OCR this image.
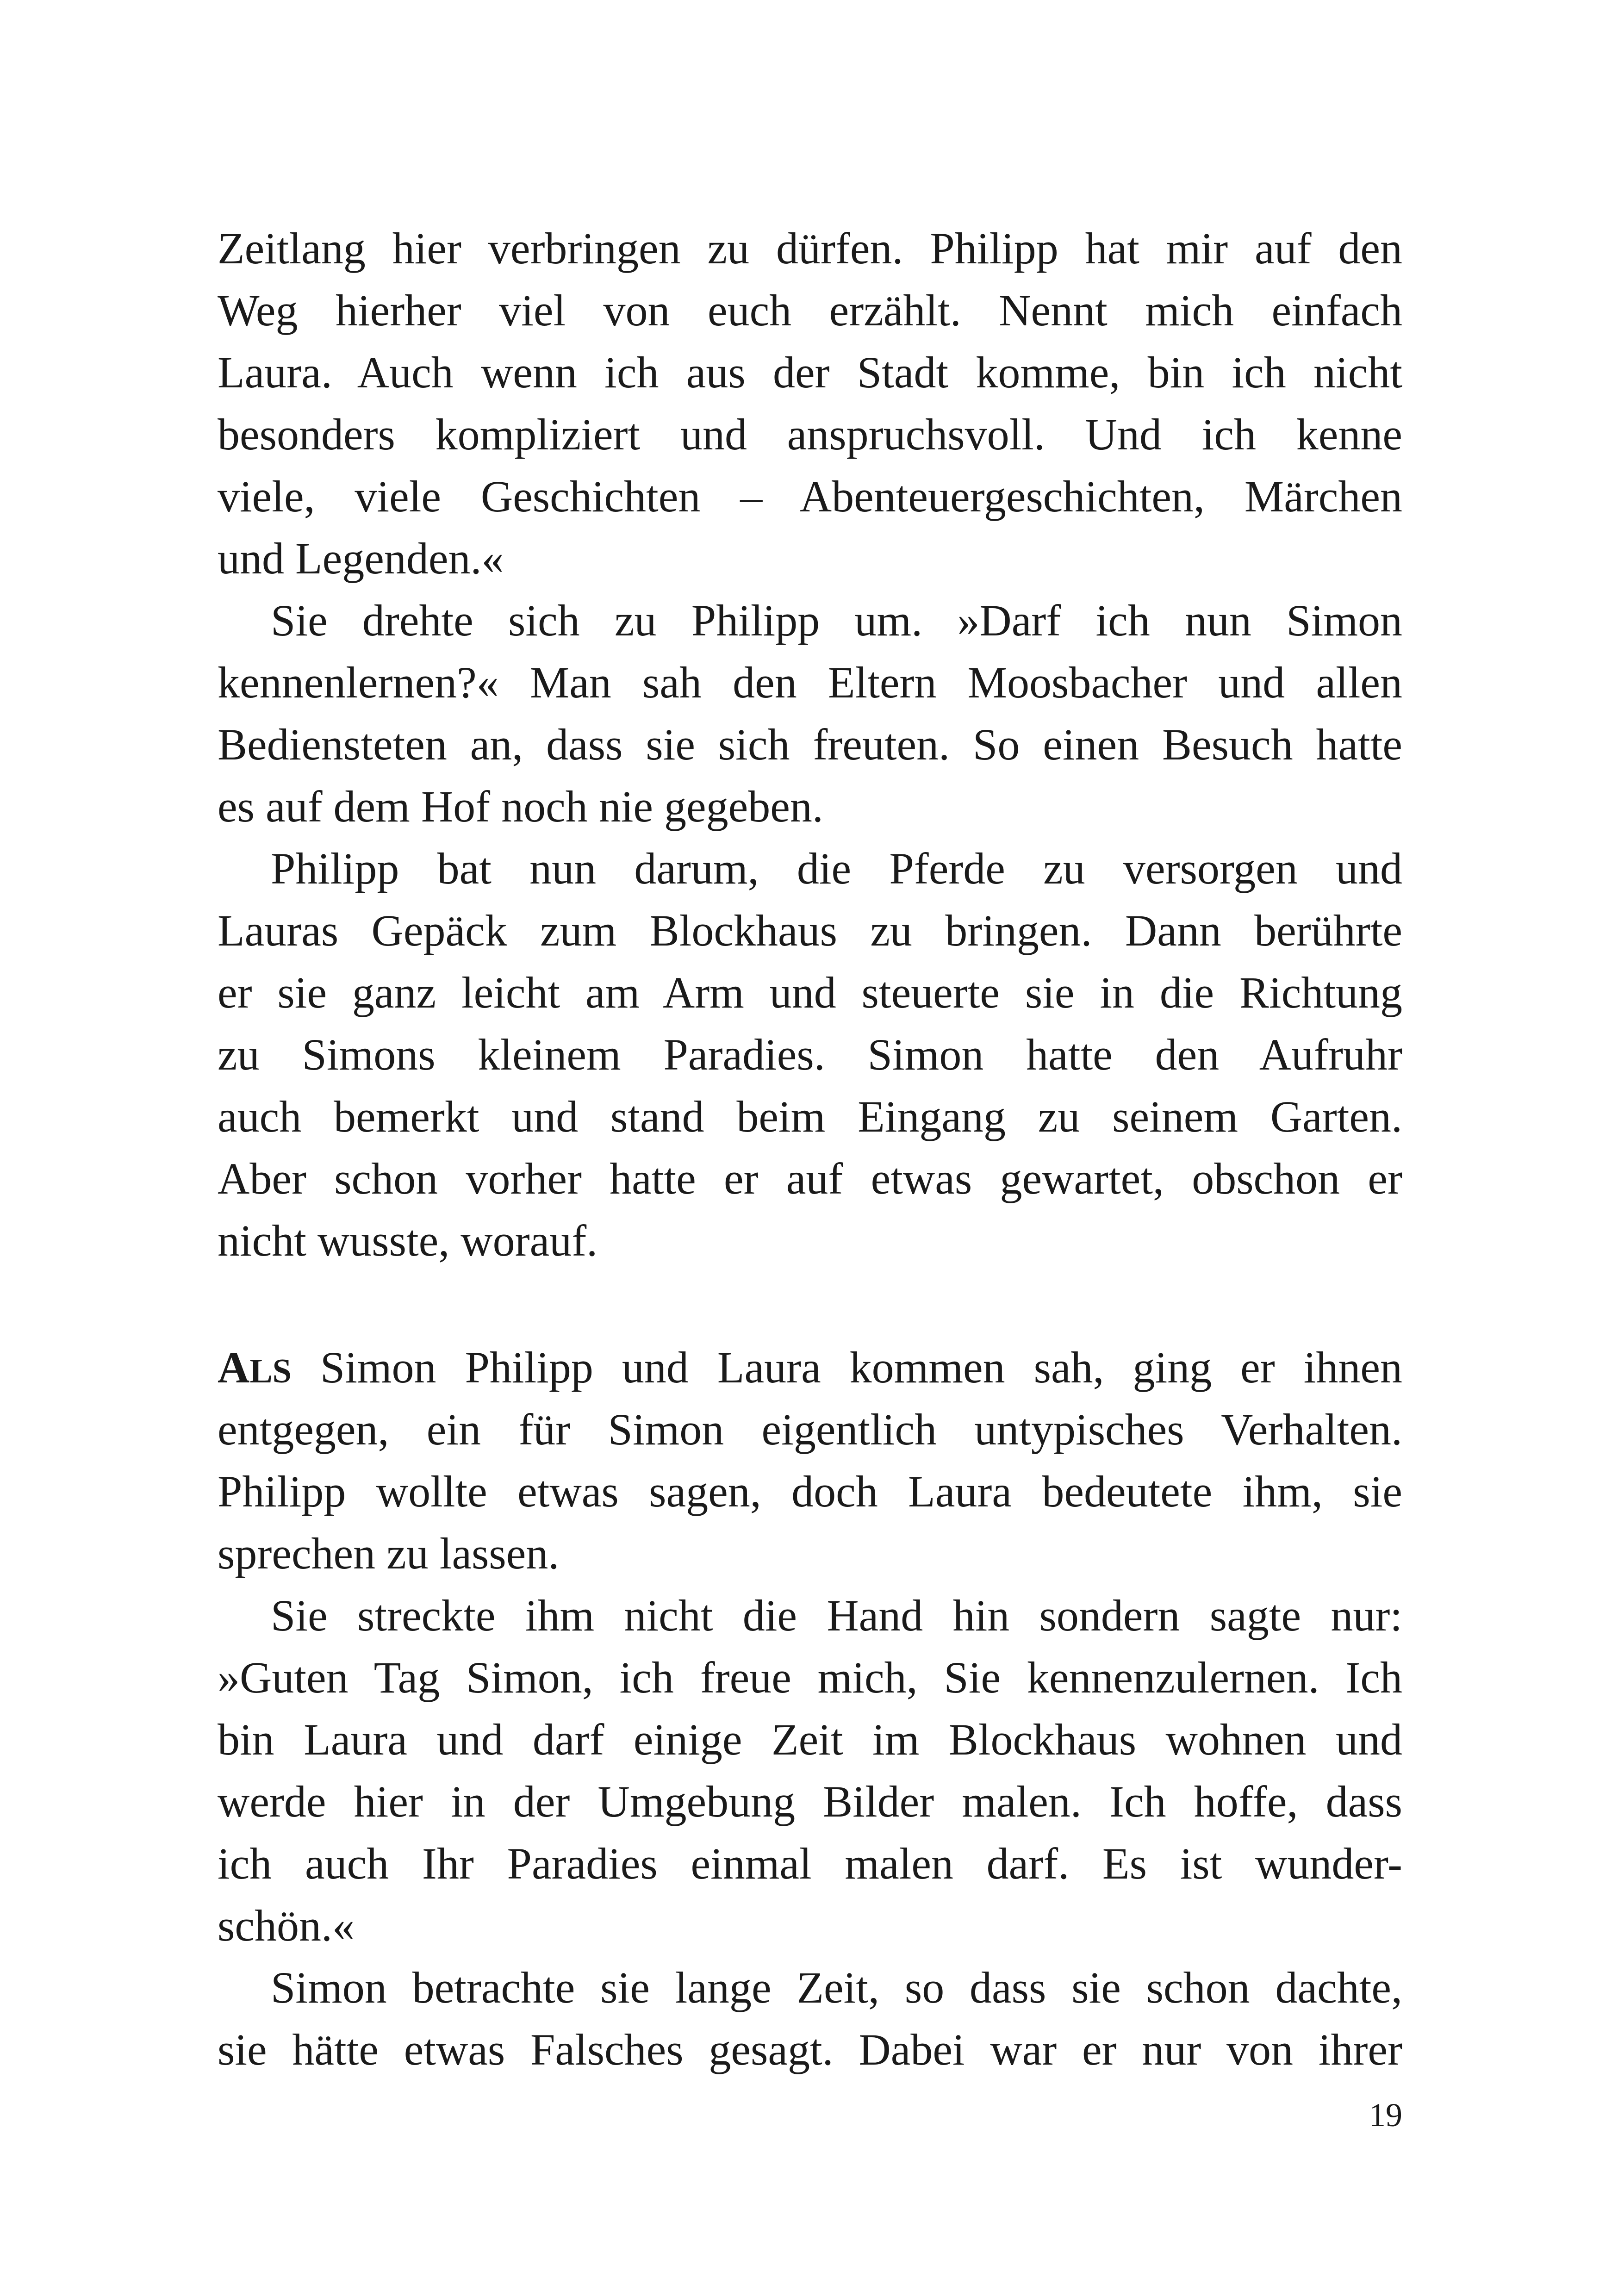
Zeitlang hier verbringen zu dürfen. Philipp hat mir auf den
Weg hierher viel von euch erzählt. Nennt mich einfach
Laura. Auch wenn ich aus der Stadt komme, bin ich nicht
besonders kompliziert und anspruchsvoll. Und ich kenne
viele, viele Geschichten – Abenteuergeschichten, Märchen
und Legenden.«
Sie drehte sich zu Philipp um. »Darf ich nun Simon
kennenlernen?« Man sah den Eltern Moosbacher und allen
Bediensteten an, dass sie sich freuten. So einen Besuch hatte
es auf dem Hof noch nie gegeben.
Philipp bat nun darum, die Pferde zu versorgen und
Lauras Gepäck zum Blockhaus zu bringen. Dann berührte
er sie ganz leicht am Arm und steuerte sie in die Richtung
zu Simons kleinem Paradies. Simon hatte den Aufruhr
auch bemerkt und stand beim Eingang zu seinem Garten.
Aber schon vorher hatte er auf etwas gewartet, obschon er
nicht wusste, worauf.
ALS Simon Philipp und Laura kommen sah, ging er ihnen
entgegen, ein für Simon eigentlich untypisches Verhalten.
Philipp wollte etwas sagen, doch Laura bedeutete ihm, sie
sprechen zu lassen.
Sie streckte ihm nicht die Hand hin sondern sagte nur:
»Guten Tag Simon, ich freue mich, Sie kennenzulernen. Ich
bin Laura und darf einige Zeit im Blockhaus wohnen und
werde hier in der Umgebung Bilder malen. Ich hoffe, dass
ich auch Ihr Paradies einmal malen darf. Es ist wunder-
schön.«
Simon betrachte sie lange Zeit, so dass sie schon dachte,
sie hätte etwas Falsches gesagt. Dabei war er nur von ihrer
19
